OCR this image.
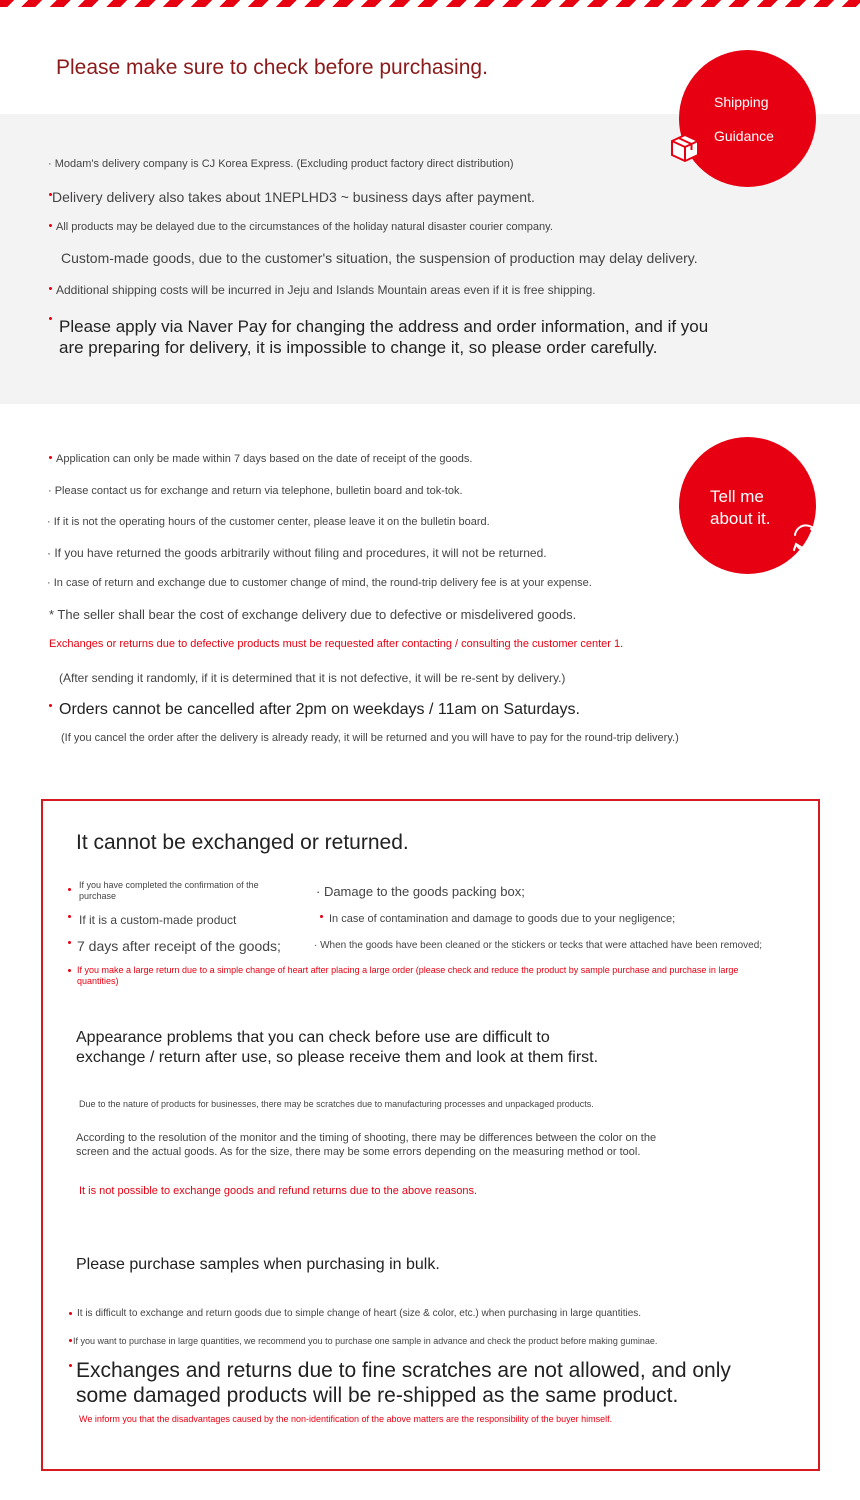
Please make sure to check before purchasing.
Shipping
Guidance
· Modam's delivery company is CJ Korea Express. (Excluding product factory direct distribution)
Delivery delivery also takes about 1NEPLHD3 ~ business days after payment.
All products may be delayed due to the circumstances of the holiday natural disaster courier company.
Custom-made goods, due to the customer's situation, the suspension of production may delay delivery.
Additional shipping costs will be incurred in Jeju and Islands Mountain areas even if it is free shipping.
Please apply via Naver Pay for changing the address and order information, and if you
are preparing for delivery, it is impossible to change it, so please order carefully.
Tell me
about it.
Application can only be made within 7 days based on the date of receipt of the goods.
· Please contact us for exchange and return via telephone, bulletin board and tok-tok.
· If it is not the operating hours of the customer center, please leave it on the bulletin board.
· If you have returned the goods arbitrarily without filing and procedures, it will not be returned.
· In case of return and exchange due to customer change of mind, the round-trip delivery fee is at your expense.
* The seller shall bear the cost of exchange delivery due to defective or misdelivered goods.
Exchanges or returns due to defective products must be requested after contacting / consulting the customer center 1.
(After sending it randomly, if it is determined that it is not defective, it will be re-sent by delivery.)
Orders cannot be cancelled after 2pm on weekdays / 11am on Saturdays.
(If you cancel the order after the delivery is already ready, it will be returned and you will have to pay for the round-trip delivery.)
It cannot be exchanged or returned.
If you have completed the confirmation of the purchase	· Damage to the goods packing box;
If it is a custom-made product	In case of contamination and damage to goods due to your negligence;
7 days after receipt of the goods;	· When the goods have been cleaned or the stickers or tecks that were attached have been removed;
If you make a large return due to a simple change of heart after placing a large order (please check and reduce the product by sample purchase and purchase in large quantities)
Appearance problems that you can check before use are difficult to
exchange / return after use, so please receive them and look at them first.
Due to the nature of products for businesses, there may be scratches due to manufacturing processes and unpackaged products.
According to the resolution of the monitor and the timing of shooting, there may be differences between the color on the
screen and the actual goods. As for the size, there may be some errors depending on the measuring method or tool.
It is not possible to exchange goods and refund returns due to the above reasons.
Please purchase samples when purchasing in bulk.
It is difficult to exchange and return goods due to simple change of heart (size & color, etc.) when purchasing in large quantities.
If you want to purchase in large quantities, we recommend you to purchase one sample in advance and check the product before making guminae.
Exchanges and returns due to fine scratches are not allowed, and only
some damaged products will be re-shipped as the same product.
We inform you that the disadvantages caused by the non-identification of the above matters are the responsibility of the buyer himself.
